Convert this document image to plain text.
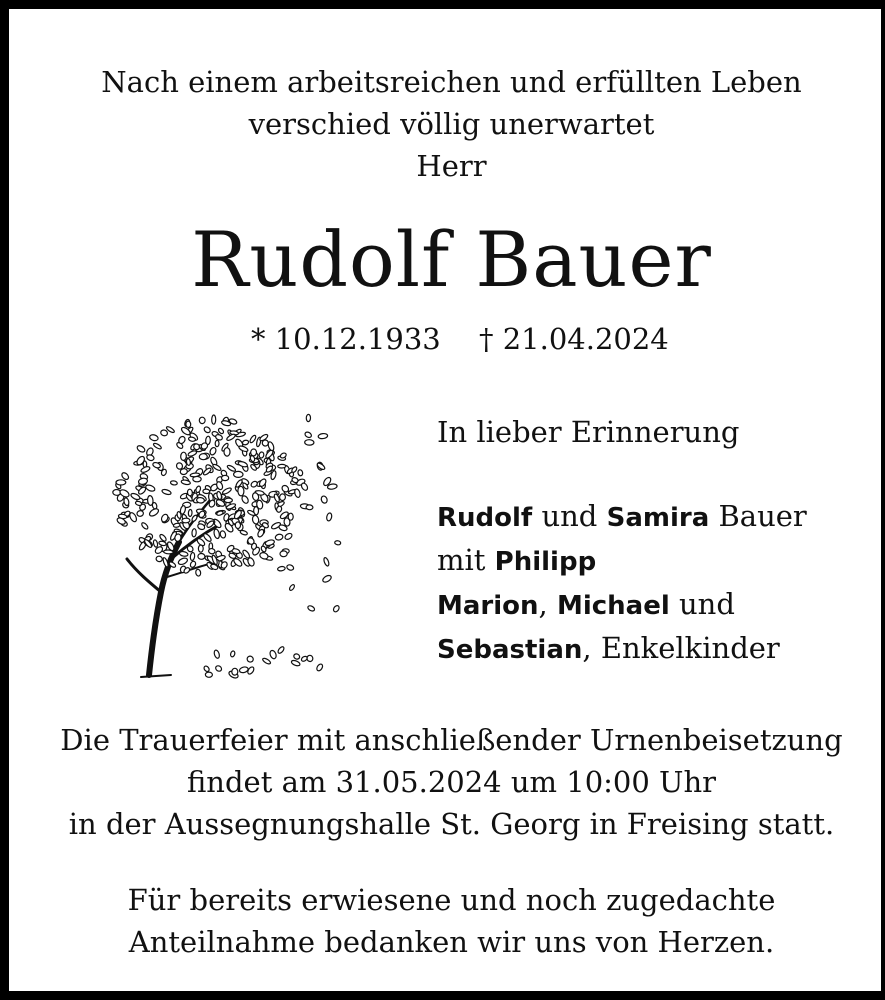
Nach einem arbeitsreichen und erfüllten Leben
verschied völlig unerwartet
Herr
Rudolf Bauer
* 10.12.1933 † 21.04.2024
In lieber Erinnerung
Rudolf und Samira Bauer
mit Philipp
Marion, Michael und
Sebastian, Enkelkinder
Die Trauerfeier mit anschließender Urnenbeisetzung
findet am 31.05.2024 um 10:00 Uhr
in der Aussegnungshalle St. Georg in Freising statt.
Für bereits erwiesene und noch zugedachte
Anteilnahme bedanken wir uns von Herzen.
